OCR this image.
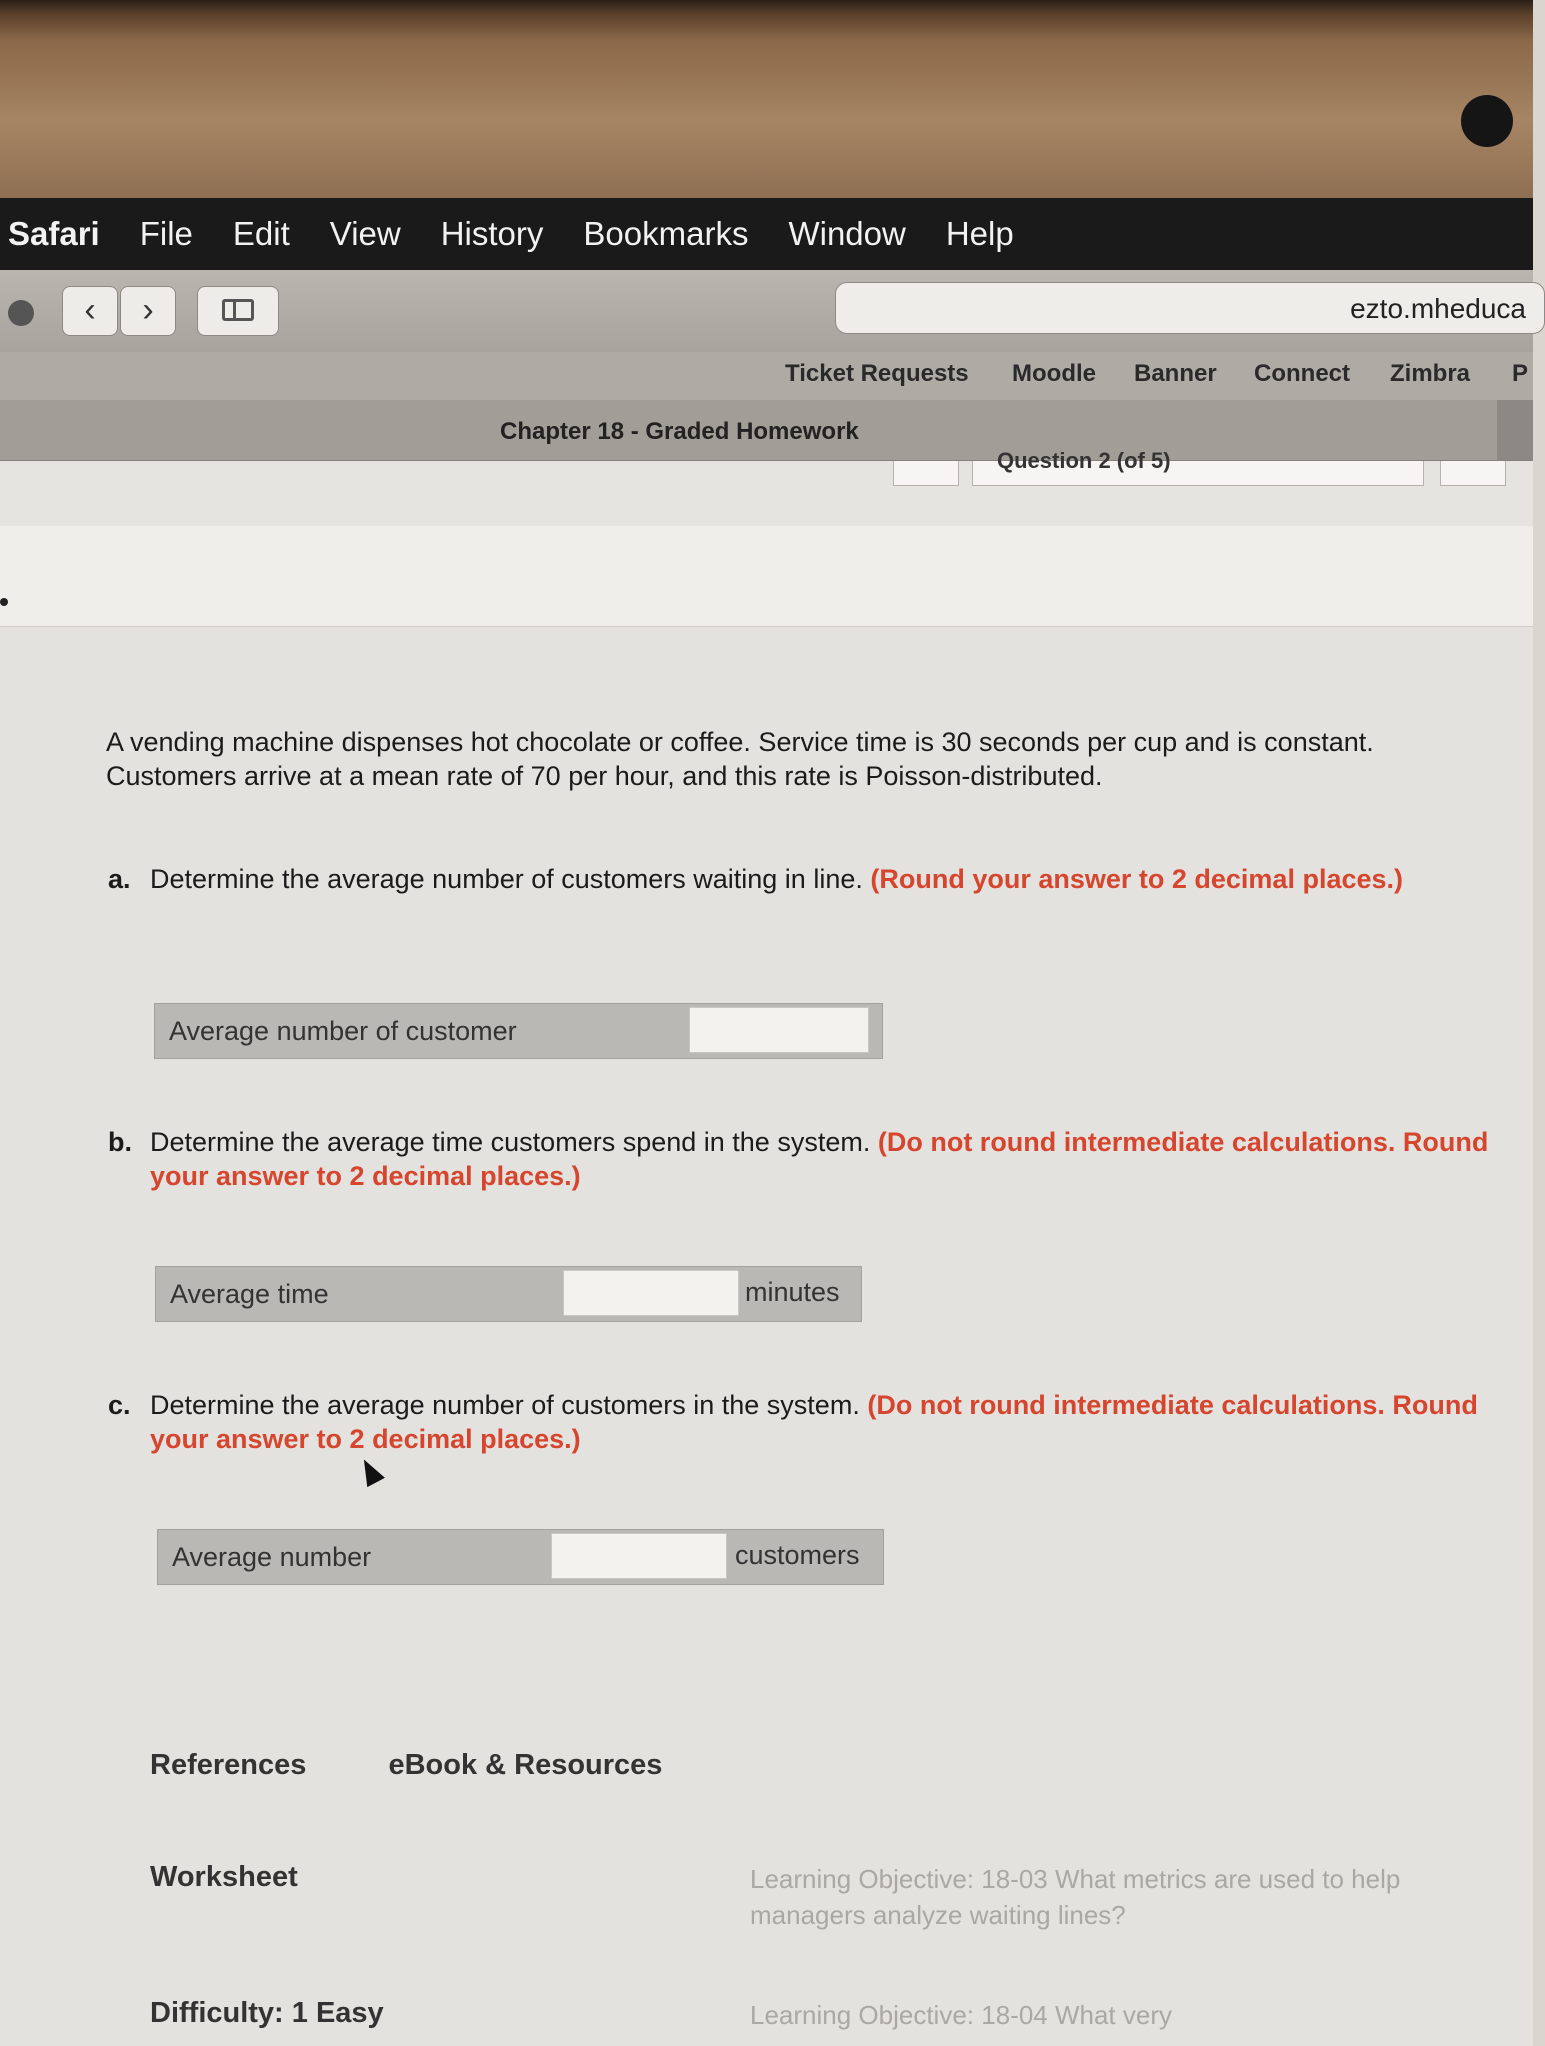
Safari File Edit View History Bookmarks Window Help
‹	›	ezto.mheduca
Ticket Requests Moodle Banner Connect Zimbra P
Chapter 18 - Graded Homework
Question 2 (of 5)
A vending machine dispenses hot chocolate or coffee. Service time is 30 seconds per cup and is constant. Customers arrive at a mean rate of 70 per hour, and this rate is Poisson-distributed.
a. Determine the average number of customers waiting in line. (Round your answer to 2 decimal places.)
Average number of customer
b. Determine the average time customers spend in the system. (Do not round intermediate calculations. Round your answer to 2 decimal places.)
Average time	minutes
c. Determine the average number of customers in the system. (Do not round intermediate calculations. Round your answer to 2 decimal places.)
Average number	customers
References	eBook & Resources
Worksheet	Learning Objective: 18-03 What metrics are used to help managers analyze waiting lines?
Difficulty: 1 Easy	Learning Objective: 18-04 What very
